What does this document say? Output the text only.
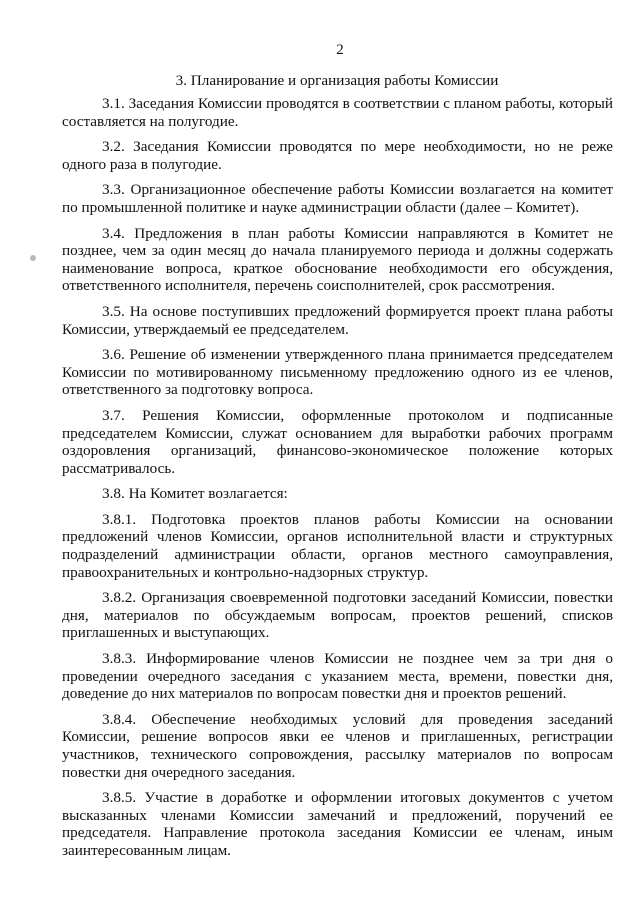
2
3. Планирование и организация работы Комиссии

3.1. Заседания Комиссии проводятся в соответствии с планом работы, который составляется на полугодие.

3.2. Заседания Комиссии проводятся по мере необходимости, но не реже одного раза в полугодие.

3.3. Организационное обеспечение работы Комиссии возлагается на комитет по промышленной политике и науке администрации области (далее – Комитет).

3.4. Предложения в план работы Комиссии направляются в Комитет не позднее, чем за один месяц до начала планируемого периода и должны содержать наименование вопроса, краткое обоснование необходимости его обсуждения, ответственного исполнителя, перечень соисполнителей, срок рассмотрения.

3.5. На основе поступивших предложений формируется проект плана работы Комиссии, утверждаемый ее председателем.

3.6. Решение об изменении утвержденного плана принимается председателем Комиссии по мотивированному письменному предложению одного из ее членов, ответственного за подготовку вопроса.

3.7. Решения Комиссии, оформленные протоколом и подписанные председателем Комиссии, служат основанием для выработки рабочих программ оздоровления организаций, финансово-экономическое положение которых рассматривалось.

3.8. На Комитет возлагается:

3.8.1. Подготовка проектов планов работы Комиссии на основании предложений членов Комиссии, органов исполнительной власти и структурных подразделений администрации области, органов местного самоуправления, правоохранительных и контрольно-надзорных структур.

3.8.2. Организация своевременной подготовки заседаний Комиссии, повестки дня, материалов по обсуждаемым вопросам, проектов решений, списков приглашенных и выступающих.

3.8.3. Информирование членов Комиссии не позднее чем за три дня о проведении очередного заседания с указанием места, времени, повестки дня, доведение до них материалов по вопросам повестки дня и проектов решений.

3.8.4. Обеспечение необходимых условий для проведения заседаний Комиссии, решение вопросов явки ее членов и приглашенных, регистрации участников, технического сопровождения, рассылку материалов по вопросам повестки дня очередного заседания.

3.8.5. Участие в доработке и оформлении итоговых документов с учетом высказанных членами Комиссии замечаний и предложений, поручений ее председателя. Направление протокола заседания Комиссии ее членам, иным заинтересованным лицам.
